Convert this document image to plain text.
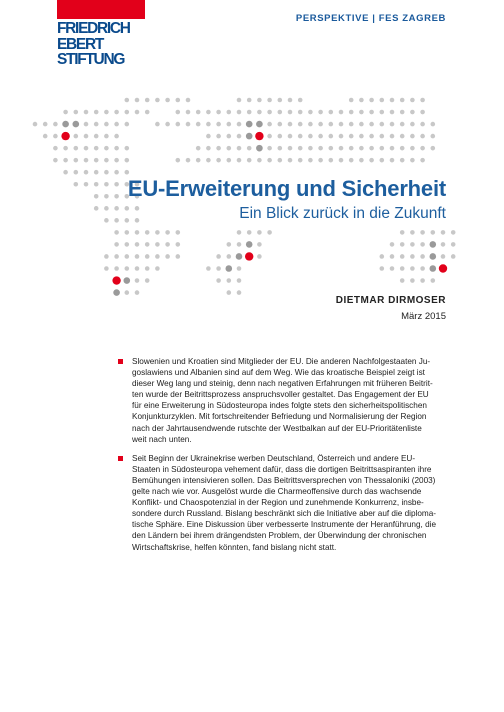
FRIEDRICH
EBERT
STIFTUNG
PERSPEKTIVE | FES ZAGREB
EU-Erweiterung und Sicherheit
Ein Blick zurück in die Zukunft
DIETMAR DIRMOSER
März 2015
Slowenien und Kroatien sind Mitglieder der EU. Die anderen Nachfolgestaaten Ju-
goslawiens und Albanien sind auf dem Weg. Wie das kroatische Beispiel zeigt ist
dieser Weg lang und steinig, denn nach negativen Erfahrungen mit früheren Beitrit-
ten wurde der Beitrittsprozess anspruchsvoller gestaltet. Das Engagement der EU
für eine Erweiterung in Südosteuropa indes folgte stets den sicherheitspolitischen
Konjunkturzyklen. Mit fortschreitender Befriedung und Normalisierung der Region
nach der Jahrtausendwende rutschte der Westbalkan auf der EU-Prioritätenliste
weit nach unten.
Seit Beginn der Ukrainekrise werben Deutschland, Österreich und andere EU-
Staaten in Südosteuropa vehement dafür, dass die dortigen Beitrittsaspiranten ihre
Bemühungen intensivieren sollen. Das Beitrittsversprechen von Thessaloniki (2003)
gelte nach wie vor. Ausgelöst wurde die Charmeoffensive durch das wachsende
Konflikt- und Chaospotenzial in der Region und zunehmende Konkurrenz, insbe-
sondere durch Russland. Bislang beschränkt sich die Initiative aber auf die diploma-
tische Sphäre. Eine Diskussion über verbesserte Instrumente der Heranführung, die
den Ländern bei ihrem drängendsten Problem, der Überwindung der chronischen
Wirtschaftskrise, helfen könnten, fand bislang nicht statt.
